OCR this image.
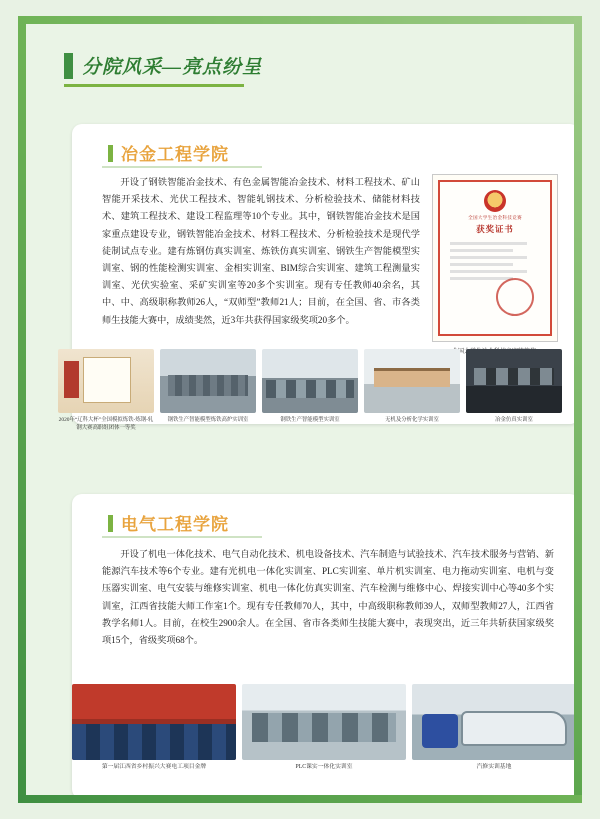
分院风采—亮点纷呈
冶金工程学院
开设了钢铁智能冶金技术、有色金属智能冶金技术、材料工程技术、矿山智能开采技术、光伏工程技术、智能轧钢技术、分析检验技术、储能材料技术、建筑工程技术、建设工程监理等10个专业。其中，钢铁智能冶金技术是国家重点建设专业，钢铁智能冶金技术、材料工程技术、分析检验技术是现代学徒制试点专业。建有炼钢仿真实训室、炼铁仿真实训室、钢铁生产智能模型实训室、钢的性能检测实训室、金相实训室、BIM综合实训室、建筑工程测量实训室、光伏实验室、采矿实训室等20多个实训室。现有专任教师40余名，其中、中、高级职称教师26人，“双师型”教师21人；目前，在全国、省、市各类师生技能大赛中，成绩斐然，近3年共获得国家级奖项20多个。
全国大学生冶金科技竞赛
获奖证书
2020年“辽科大杯”全国模拟炼铁-炼钢-轧钢大赛高职组团体一等奖
钢铁生产智能模型炼铁高炉实训室	钢铁生产智能模型实训室	无机及分析化学实训室	冶金仿真实训室
电气工程学院
开设了机电一体化技术、电气自动化技术、机电设备技术、汽车制造与试验技术、汽车技术服务与营销、新能源汽车技术等6个专业。建有光机电一体化实训室、PLC实训室、单片机实训室、电力拖动实训室、电机与变压器实训室、电气安装与维修实训室、机电一体化仿真实训室、汽车检测与维修中心、焊接实训中心等40多个实训室，江西省技能大师工作室1个。现有专任教师70人，其中，中高级职称教师39人，双师型教师27人，江西省教学名师1人。目前，在校生2900余人。在全国、省市各类师生技能大赛中，表现突出，近三年共斩获国家级奖项15个，省级奖项68个。
第一届江西省乡村振兴大赛电工项目金牌	PLC课实一体化实训室	汽修实训基地
